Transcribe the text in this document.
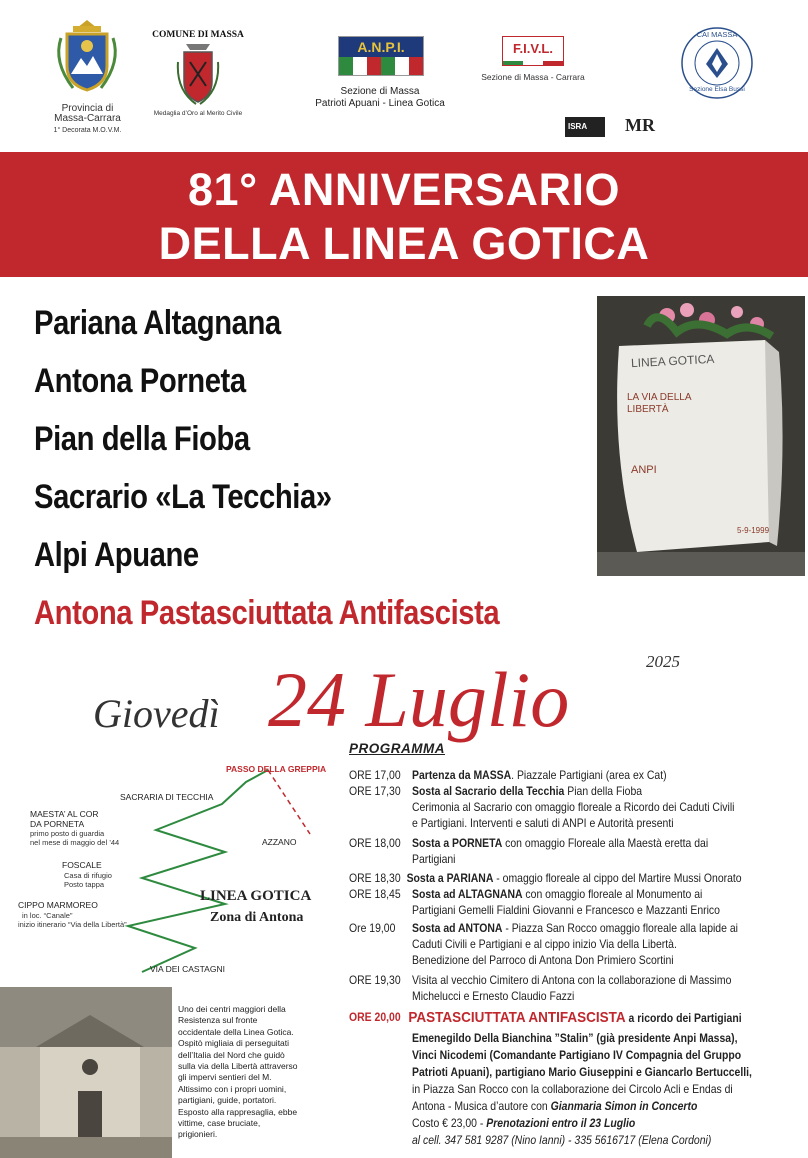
Provincia di
Massa-Carrara
1° Decorata M.O.V.M.
COMUNE DI MASSA
Medaglia d’Oro al Merito Civile
A.N.P.I.
Sezione di Massa
Patrioti Apuani - Linea Gotica
F.I.V.L.
Sezione di Massa - Carrara
CAI MASSA
Sezione Elsa Bussi
ISRA	MR
81° ANNIVERSARIO
DELLA LINEA GOTICA
Pariana Altagnana
Antona Porneta
Pian della Fioba
Sacrario «La Tecchia»
Alpi Apuane
Antona Pastasciuttata Antifascista
LINEA GOTICA
LA VIA DELLA LIBERTÀ
ANPI
5-9-1999
Giovedì 24 Luglio	2025
PASSO DELLA GREPPIA
SACRARIA DI TECCHIA
MAESTA’ AL COR
DA PORNETA
primo posto di guardia
nel mese di maggio del ’44	AZZANO
FOSCALE
Casa di rifugio
Posto tappa
LINEA GOTICA
Zona di Antona
CIPPO MARMOREO
in loc. “Canale”
inizio itinerario “Via della Libertà”
VIA DEI CASTAGNI
Uno dei centri maggiori della Resistenza sul fronte occidentale della Linea Gotica. Ospitò migliaia di perseguitati dell’Italia del Nord che guidò sulla via della Libertà attraverso gli impervi sentieri del M. Altissimo con i propri uomini, partigiani, guide, portatori. Esposto alla rappresaglia, ebbe vittime, case bruciate, prigionieri.
PROGRAMMA
ORE 17,00 Partenza da MASSA. Piazzale Partigiani (area ex Cat)
ORE 17,30 Sosta al Sacrario della Tecchia Pian della Fioba
Cerimonia al Sacrario con omaggio floreale a Ricordo dei Caduti Civili
e Partigiani. Interventi e saluti di ANPI e Autorità presenti
ORE 18,00 Sosta a PORNETA con omaggio Floreale alla Maestà eretta dai
Partigiani
ORE 18,30 Sosta a PARIANA - omaggio floreale al cippo del Martire Mussi Onorato
ORE 18,45 Sosta ad ALTAGNANA con omaggio floreale al Monumento ai
Partigiani Gemelli Fialdini Giovanni e Francesco e Mazzanti Enrico
Ore 19,00	Sosta ad ANTONA - Piazza San Rocco omaggio floreale alla lapide ai
Caduti Civili e Partigiani e al cippo inizio Via della Libertà.
Benedizione del Parroco di Antona Don Primiero Scortini
ORE 19,30 Visita al vecchio Cimitero di Antona con la collaborazione di Massimo
Michelucci e Ernesto Claudio Fazzi
ORE 20,00 PASTASCIUTTATA ANTIFASCISTA a ricordo dei Partigiani
Emenegildo Della Bianchina ”Stalin” (già presidente Anpi Massa),
Vinci Nicodemi (Comandante Partigiano IV Compagnia del Gruppo
Patrioti Apuani), partigiano Mario Giuseppini e Giancarlo Bertuccelli,
in Piazza San Rocco con la collaborazione dei Circolo Acli e Endas di
Antona - Musica d’autore con Gianmaria Simon in Concerto
Costo € 23,00 - Prenotazioni entro il 23 Luglio
al cell. 347 581 9287 (Nino Ianni) - 335 5616717 (Elena Cordoni)
